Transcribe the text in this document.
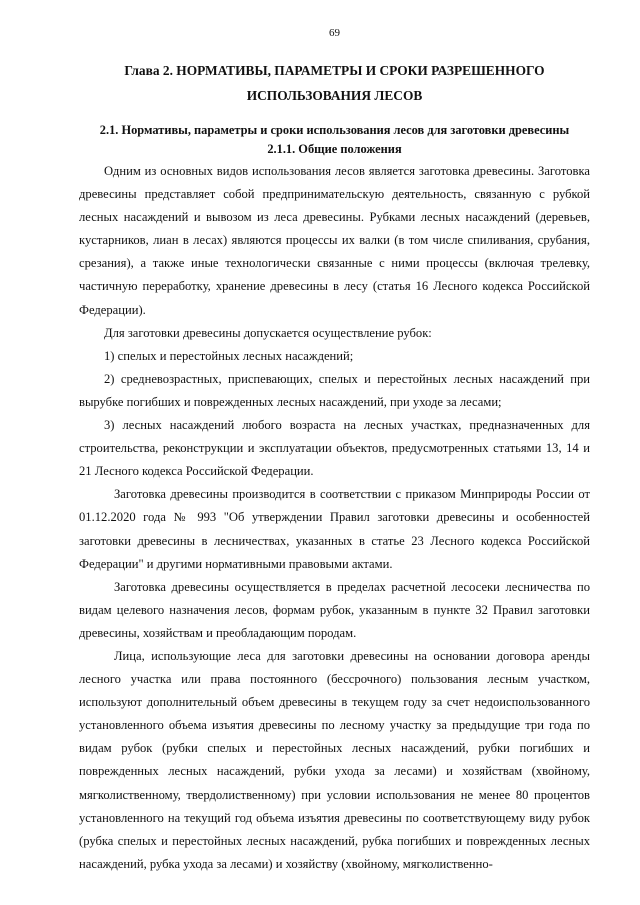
69
Глава 2. НОРМАТИВЫ, ПАРАМЕТРЫ И СРОКИ РАЗРЕШЕННОГО
ИСПОЛЬЗОВАНИЯ ЛЕСОВ
2.1. Нормативы, параметры и сроки использования лесов для заготовки древесины
2.1.1. Общие положения

Одним из основных видов использования лесов является заготовка древесины. Заготовка древесины представляет собой предпринимательскую деятельность, связанную с рубкой лесных насаждений и вывозом из леса древесины. Рубками лесных насаждений (деревьев, кустарников, лиан в лесах) являются процессы их валки (в том числе спиливания, срубания, срезания), а также иные технологически связанные с ними процессы (включая трелевку, частичную переработку, хранение древесины в лесу (статья 16 Лесного кодекса Российской Федерации).

Для заготовки древесины допускается осуществление рубок:

1) спелых и перестойных лесных насаждений;

2) средневозрастных, приспевающих, спелых и перестойных лесных насаждений при вырубке погибших и поврежденных лесных насаждений, при уходе за лесами;

3) лесных насаждений любого возраста на лесных участках, предназначенных для строительства, реконструкции и эксплуатации объектов, предусмотренных статьями 13, 14 и 21 Лесного кодекса Российской Федерации.

Заготовка древесины производится в соответствии с приказом Минприроды России от 01.12.2020 года № 993 "Об утверждении Правил заготовки древесины и особенностей заготовки древесины в лесничествах, указанных в статье 23 Лесного кодекса Российской Федерации" и другими нормативными правовыми актами.

Заготовка древесины осуществляется в пределах расчетной лесосеки лесничества по видам целевого назначения лесов, формам рубок, указанным в пункте 32 Правил заготовки древесины, хозяйствам и преобладающим породам.

Лица, использующие леса для заготовки древесины на основании договора аренды лесного участка или права постоянного (бессрочного) пользования лесным участком, используют дополнительный объем древесины в текущем году за счет недоиспользованного установленного объема изъятия древесины по лесному участку за предыдущие три года по видам рубок (рубки спелых и перестойных лесных насаждений, рубки погибших и поврежденных лесных насаждений, рубки ухода за лесами) и хозяйствам (хвойному, мягколиственному, твердолиственному) при условии использования не менее 80 процентов установленного на текущий год объема изъятия древесины по соответствующему виду рубок (рубка спелых и перестойных лесных насаждений, рубка погибших и поврежденных лесных насаждений, рубка ухода за лесами) и хозяйству (хвойному, мягколиственно-
